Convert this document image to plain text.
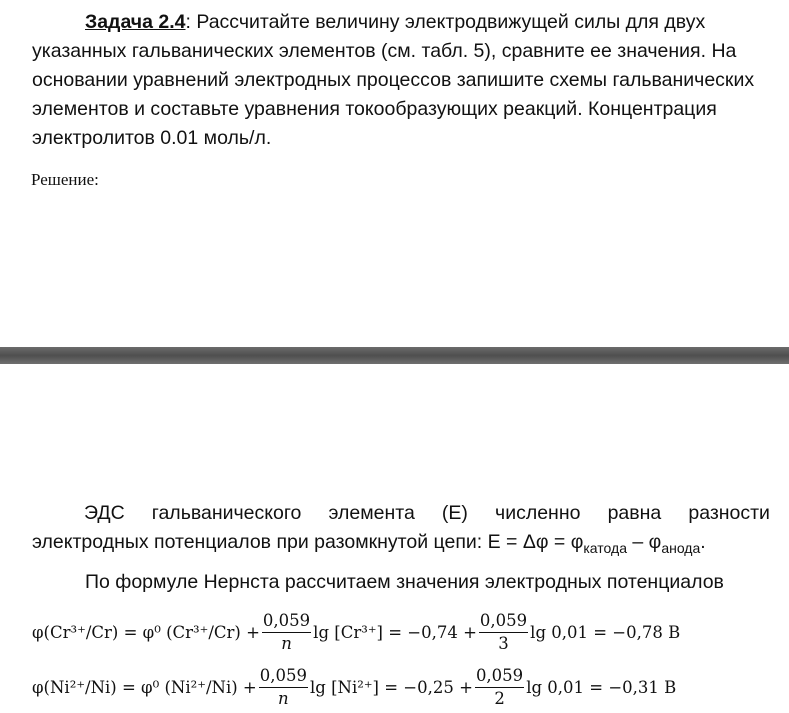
Задача 2.4: Рассчитайте величину электродвижущей силы для двух указанных гальванических элементов (см. табл. 5), сравните ее значения. На основании уравнений электродных процессов запишите схемы гальванических элементов и составьте уравнения токообразующих реакций. Концентрация электролитов 0.01 моль/л.
Решение:
ЭДС гальванического элемента (Е) численно равна разности
электродных потенциалов при разомкнутой цепи: $Е = \Delta\varphi = \varphi_{катода} - \varphi_{анода}$.
По формуле Нернста рассчитаем значения электродных потенциалов
φ(Cr³⁺/Cr) = φ⁰ $(Cr^{3+}/Cr) + \frac{0,059}{n}$ $\lg [Cr^{3+}] = -0,74 + \frac{0,059}{3}$ lg 0,01 = −0,78 В
φ(Ni²⁺/Ni) = φ⁰ $(Ni^{2+}/Ni) + \frac{0,059}{n}$ $\lg [Ni^{2+}] = -0,25 + \frac{0,059}{2}$ lg 0,01 = −0,31 В
